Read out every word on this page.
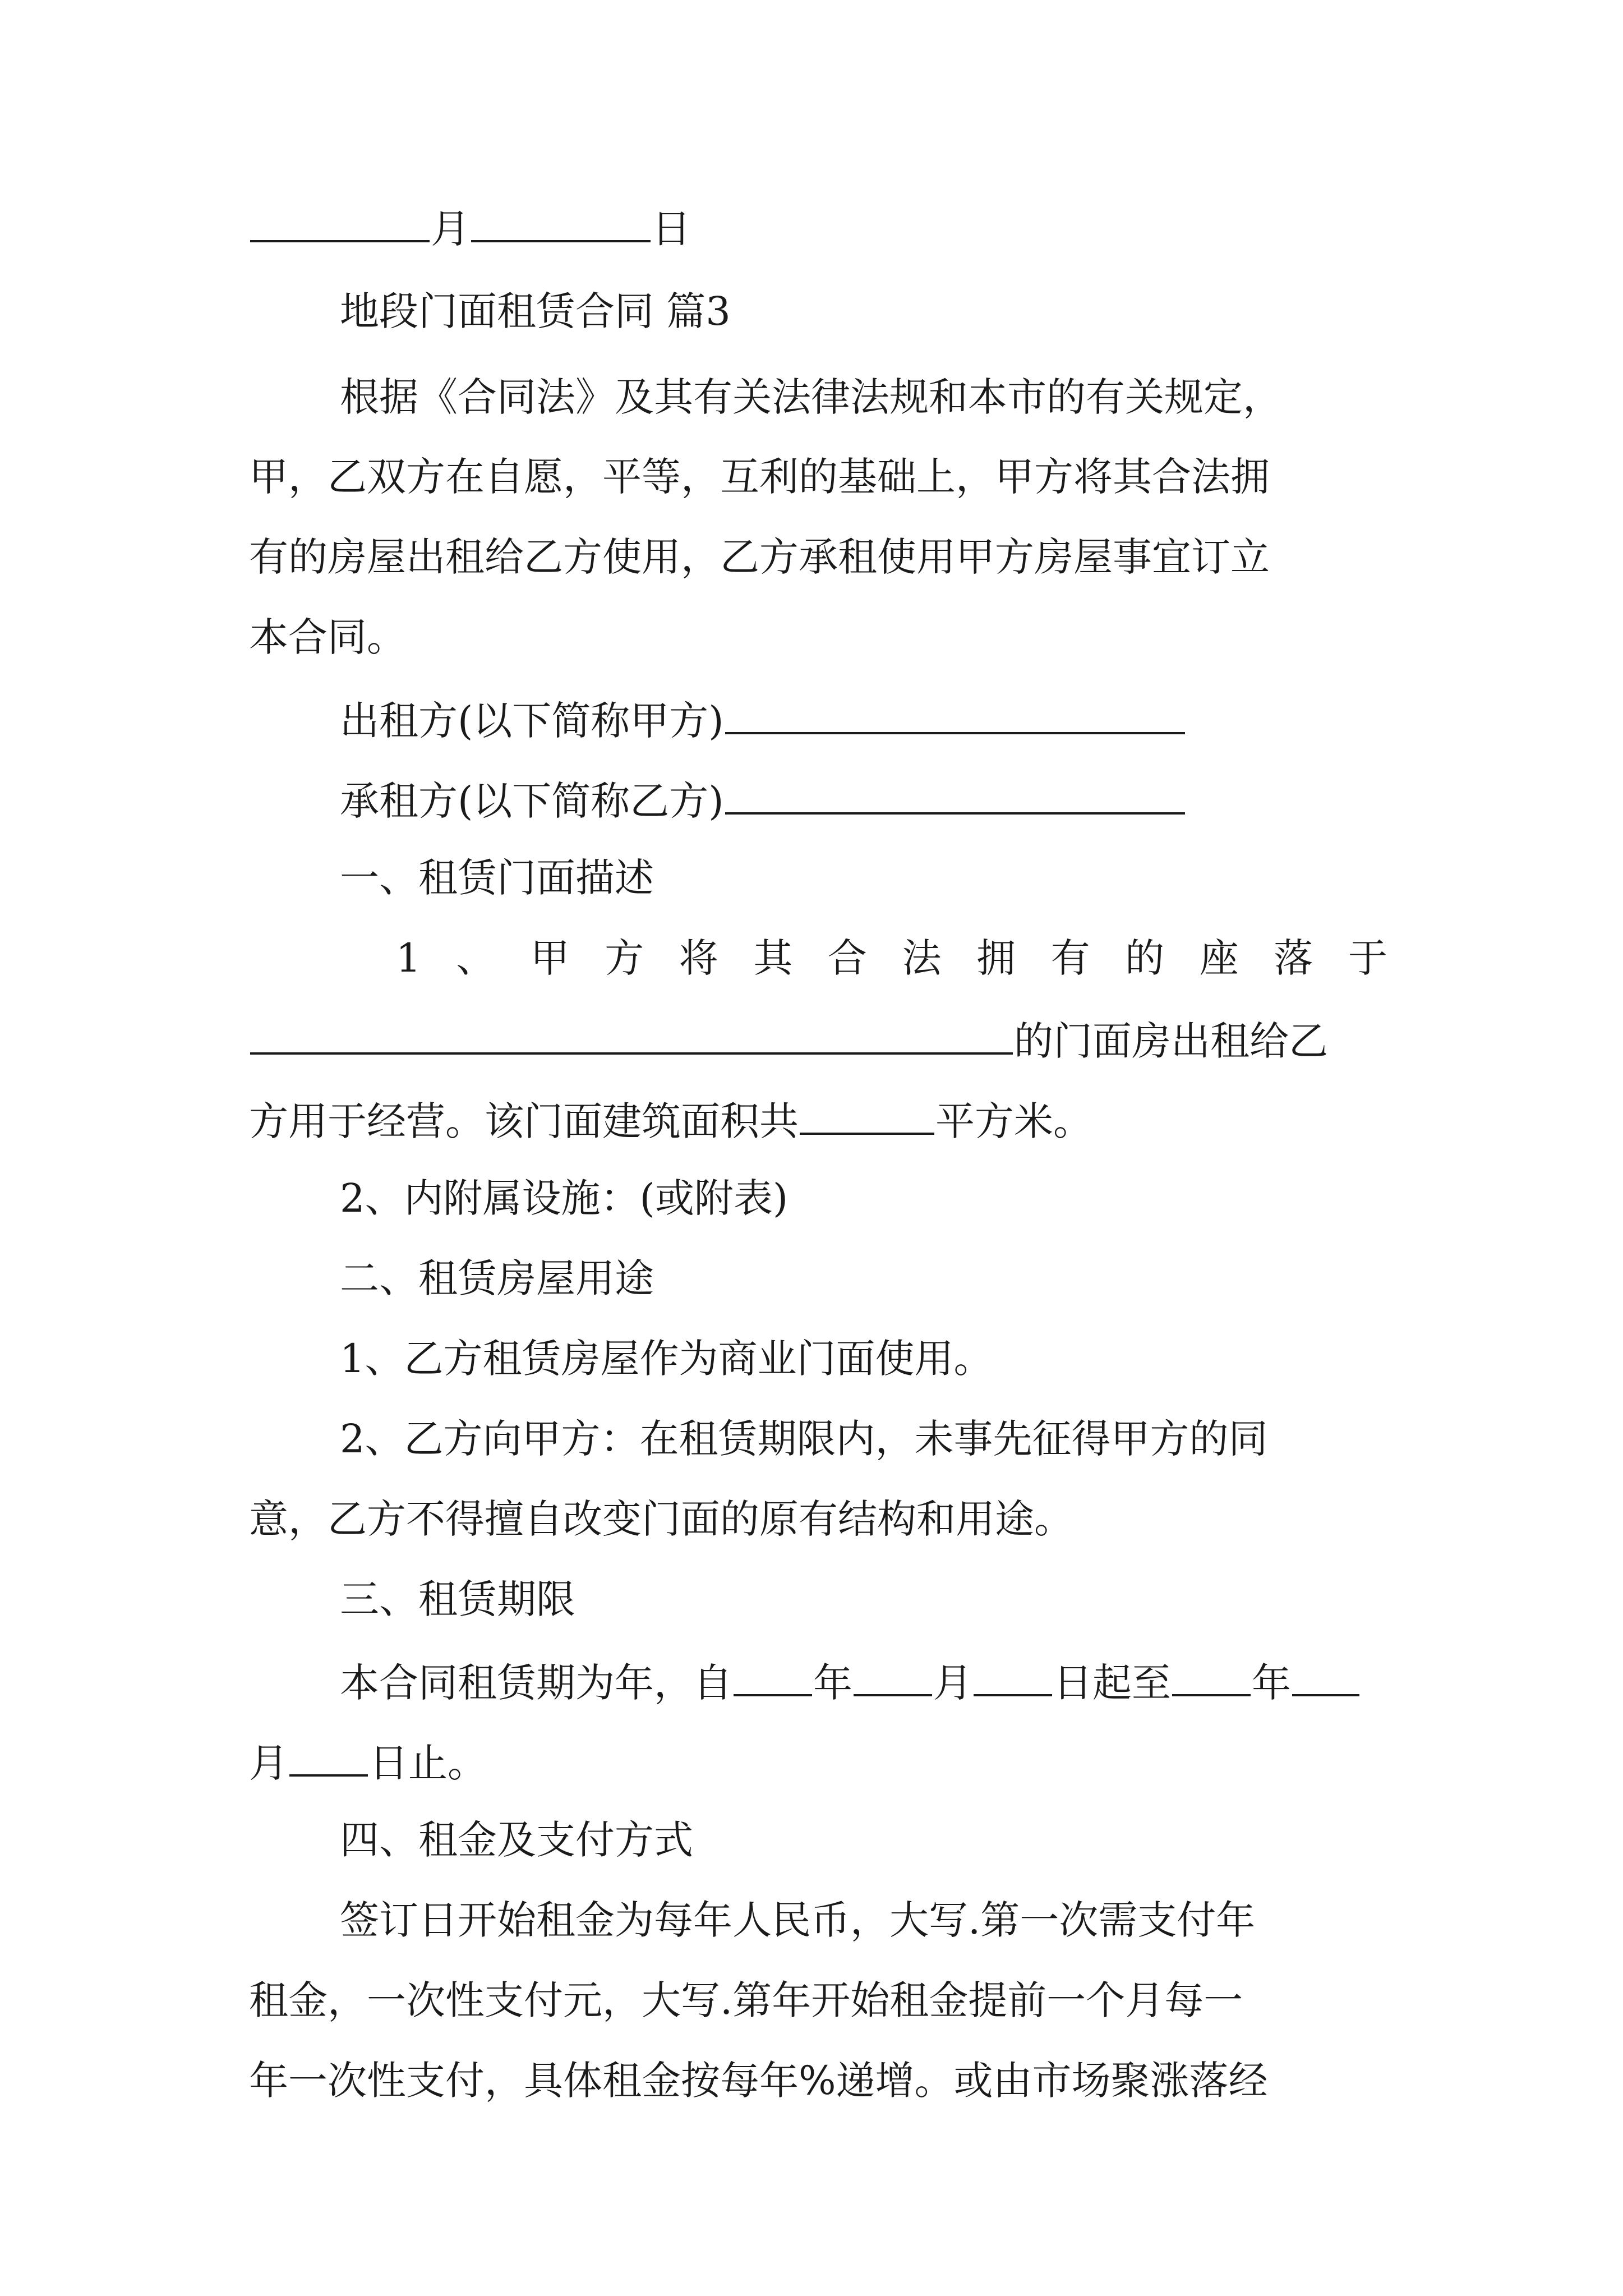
月	日
地段门面租赁合同 篇3
根据《合同法》及其有关法律法规和本市的有关规定，
甲，乙双方在自愿，平等，互利的基础上，甲方将其合法拥
有的房屋出租给乙方使用，乙方承租使用甲方房屋事宜订立
本合同。
出租方(以下简称甲方)
承租方(以下简称乙方)
一、租赁门面描述
1 、 甲 方 将 其 合 法 拥 有 的 座 落 于
的门面房出租给乙
方用于经营。该门面建筑面积共	平方米。
2、内附属设施：(或附表)
二、租赁房屋用途
1、乙方租赁房屋作为商业门面使用。
2、乙方向甲方：在租赁期限内，未事先征得甲方的同
意，乙方不得擅自改变门面的原有结构和用途。
三、租赁期限
本合同租赁期为年，自 年 月 日起至 年
月 日止。
四、租金及支付方式
签订日开始租金为每年人民币，大写.第一次需支付年
租金，一次性支付元，大写.第年开始租金提前一个月每一
年一次性支付，具体租金按每年%递增。或由市场聚涨落经
